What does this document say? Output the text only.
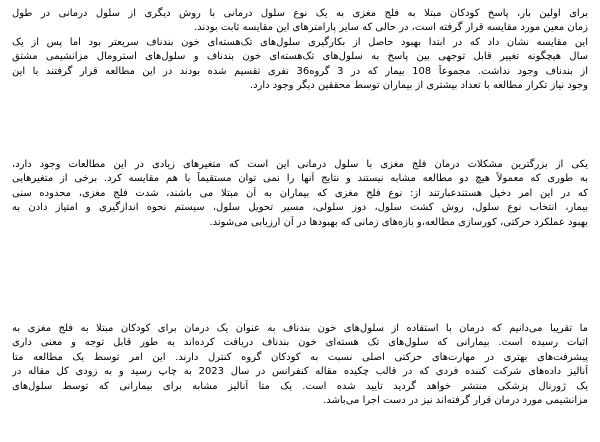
برای اولین بار، پاسخ کودکان مبتلا به فلج مغزی به یک نوع سلول درمانی با روش دیگری از سلول درمانی در طول
زمان معین مورد مقایسه قرار گرفته است، در حالی که سایر پارامترهای این مقایسه ثابت بودند.
این مقایسه نشان داد که در ابتدا بهبود حاصل از بکارگیری سلول‌های تک‌هسته‌ای خون بندناف سریعتر بود اما پس از یک
سال هیچگونه تغییر قابل توجهی بین پاسخ به سلول‌های تک‌هسته‌ای خون بندناف و سلول‌های استرومال مزانشیمی مشتق
از بندناف وجود نداشت. مجموعاً 108 بیمار که در 3 گروه36 نفری تقسیم شده بودند در این مطالعه قرار گرفتند با این
وجود نیاز تکرار مطالعه با تعداد بیشتری از بیماران توسط محققین دیگر وجود دارد.
یکی از بزرگترین مشکلات درمان فلج مغزی با سلول درمانی این است که متغیرهای زیادی در این مطالعات وجود دارد،
به طوری که معمولاً هیچ دو مطالعه مشابه نیستند و نتایج آنها را نمی توان مستقیماً با هم مقایسه کرد. برخی از متغیرهایی
که در این امر دخیل هستندعبارتند از: نوع فلج مغزی که بیماران به آن مبتلا می باشند، شدت فلج مغزی، محدوده سنی
بیمار، انتخاب نوع سلول، روش کشت سلول، دوز سلولی، مسیر تحویل سلول، سیستم نحوه اندازگیری و امتیاز دادن به
بهبود عملکرد حرکتی، کورسازی مطالعه،و بازه‌های زمانی که بهبودها در آن ارزیابی می‌شوند.
ما تقریبا می‌دانیم که درمان با استفاده از سلول‌های خون بندناف به عنوان یک درمان برای کودکان مبتلا به فلج مغزی به
اثبات رسیده است. بیمارانی که سلول‌های تک هسته‌ای خون بندناف دریافت کرده‌اند به طور قابل توجه و معنی داری
پیشرفت‌های بهتری در مهارت‌های حرکتی اصلی نسبت به کودکان گروه کنترل دارند. این امر توسط یک مطالعه متا
آنالیز داده‌های شرکت کننده فردی که در قالب چکیده مقاله کنفرانس در سال 2023 به چاپ رسید و به زودی کل مقاله در
یک ژورنال پزشکی منتشر خواهد گردید تایید شده است. یک متا آنالیز مشابه برای بیمارانی که توسط سلول‌های
مزانشیمی مورد درمان قرار گرفته‌اند نیز در دست اجرا می‌باشد.
